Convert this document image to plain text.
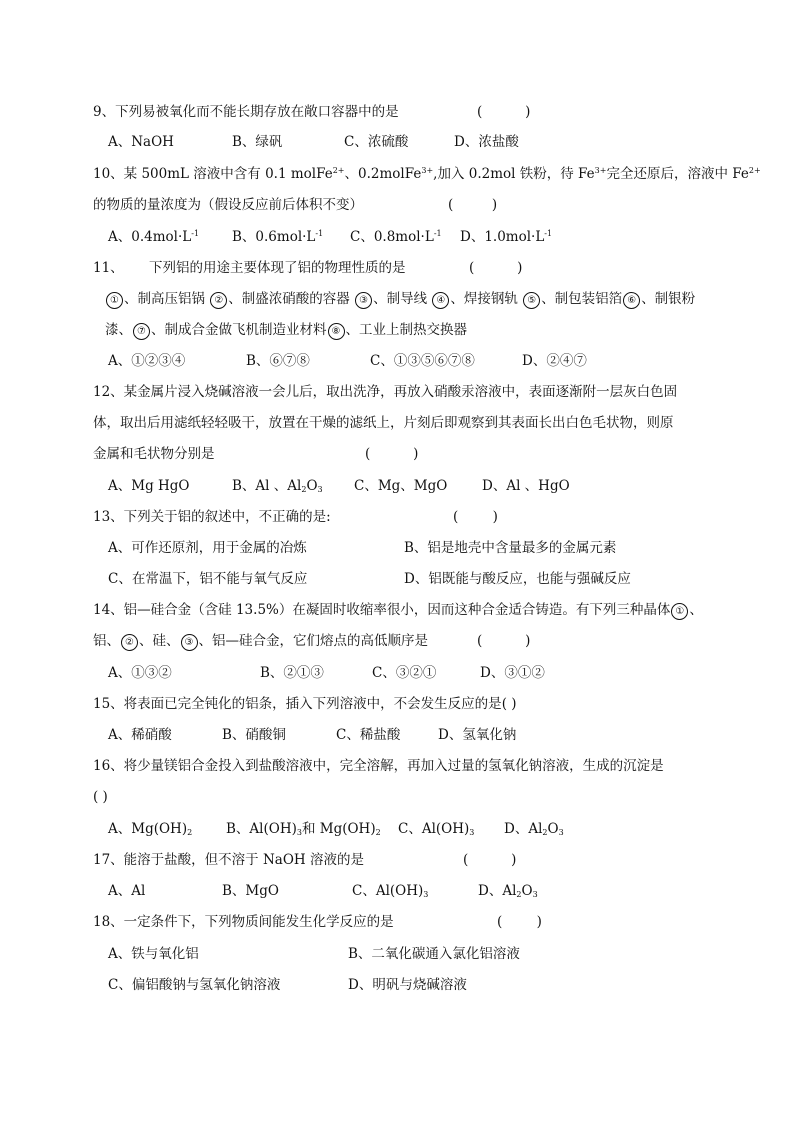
9、下列易被氧化而不能长期存放在敞口容器中的是	(          )
A、NaOH	B、绿矾	C、浓硫酸	D、浓盐酸
10、某 500mL 溶液中含有 0.1 molFe$^{2+}$、0.2molFe$^{3+}$,加入 0.2mol 铁粉，待 $Fe^{3+}$完全还原后，溶液中 $Fe^{2+}$
的物质的量浓度为（假设反应前后体积不变）	(         )
A、$0.4mol\cdot L^{-1}$ B、$0.6mol\cdot L^{-1}$ C、$0.8mol\cdot L^{-1}$ D、$1.0mol\cdot L^{-1}$
11、 下列铝的用途主要体现了铝的物理性质的是	(          )
① 、制高压铝锅 ② 、制盛浓硝酸的容器 ③ 、制导线 ④ 、焊接钢轨 ⑤ 、制包装铝箔 ⑥ 、制银粉
漆、 ⑦ 、制成合金做飞机制造业材料 ⑧ 、工业上制热交换器
A、①②③④	B、⑥⑦⑧	C、①③⑤⑥⑦⑧	D、②④⑦
12、某金属片浸入烧碱溶液一会儿后，取出洗净，再放入硝酸汞溶液中，表面逐渐附一层灰白色固
体，取出后用滤纸轻轻吸干，放置在干燥的滤纸上，片刻后即观察到其表面长出白色毛状物，则原
金属和毛状物分别是	(          )
A、Mg HgO	B、Al 、$Al_2O_3$ C、Mg、MgO	D、Al 、HgO
13、下列关于铝的叙述中，不正确的是:	(        )
A、可作还原剂，用于金属的冶炼	B、铝是地壳中含量最多的金属元素
C、在常温下，铝不能与氧气反应	D、铝既能与酸反应，也能与强碱反应
14、铝—硅合金（含硅 13.5%）在凝固时收缩率很小，因而这种合金适合铸造。有下列三种晶体 ① 、
铝、 ② 、硅、 ③ 、铝—硅合金，它们熔点的高低顺序是	(          )
A、①③②	B、②①③	C、③②①	D、③①②
15、将表面已完全钝化的铝条，插入下列溶液中，不会发生反应的是( )
A、稀硝酸	B、硝酸铜	C、稀盐酸	D、氢氧化钠
16、将少量镁铝合金投入到盐酸溶液中，完全溶解，再加入过量的氢氧化钠溶液，生成的沉淀是
( )
A、$Mg(OH)_2$	B、$Al(OH)_3$和 $Mg(OH)_2$ C、$Al(OH)_3$ D、$Al_2O_3$
17、能溶于盐酸，但不溶于 NaOH 溶液的是	(          )
A、Al	B、MgO	C、$Al(OH)_3$	D、$Al_2O_3$
18、一定条件下，下列物质间能发生化学反应的是	(        )
A、铁与氧化铝	B、二氧化碳通入氯化铝溶液
C、偏铝酸钠与氢氧化钠溶液	D、明矾与烧碱溶液
